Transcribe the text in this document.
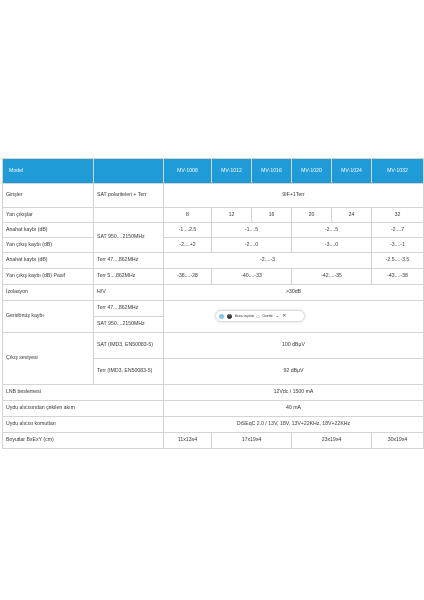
Model		MV-1008	MV-1012	MV-1016	MV-1020	MV-1024	MV-1032
Girişler	SAT polariteleri + Terr	9IF+1Terr					
Yan çıkışlar		8	12	16	20	24	32
Anahat kaybı (dB)	SAT 950....2150MHz	-1....2.5	-1....5		-2....5		-2....7
Yan çıkış kaybı (dB)		-2....+2	-2....0		-3....0		-3....-1
Anahat kaybı (dB)	Terr 47....862MHz	-2....-3					-2.5....-3.5
Yan çıkış kaybı (dB) Pasif	Terr 5....862MHz	-38....-28	-40....-33		-42....-35		-43....-38
İzolasyon	H/V	>30dB					
Geridönüş kaybı	Terr 47....862MHz						
	SAT 950....2150MHz						
Çıkış seviyesi	SAT (IMD3, EN50083-5)	100 dBµV					
	Terr (IMD3, EN50083-5)	92 dBµV					
LNB beslemesi		12Vdc / 1500 mA					
Uydu alıcısından çekilen akım		40 mA					
Uydu alıcısı komutları		DiSEqC 2.0 / 13V, 18V, 13V+22KHz, 18V+22KHz					
Boyutlar BxExY (cm)		11x13x4	17x19x4		23x19x4		30x19x4
?	Bunu açıkla □ Özetle ⌄ ✕
